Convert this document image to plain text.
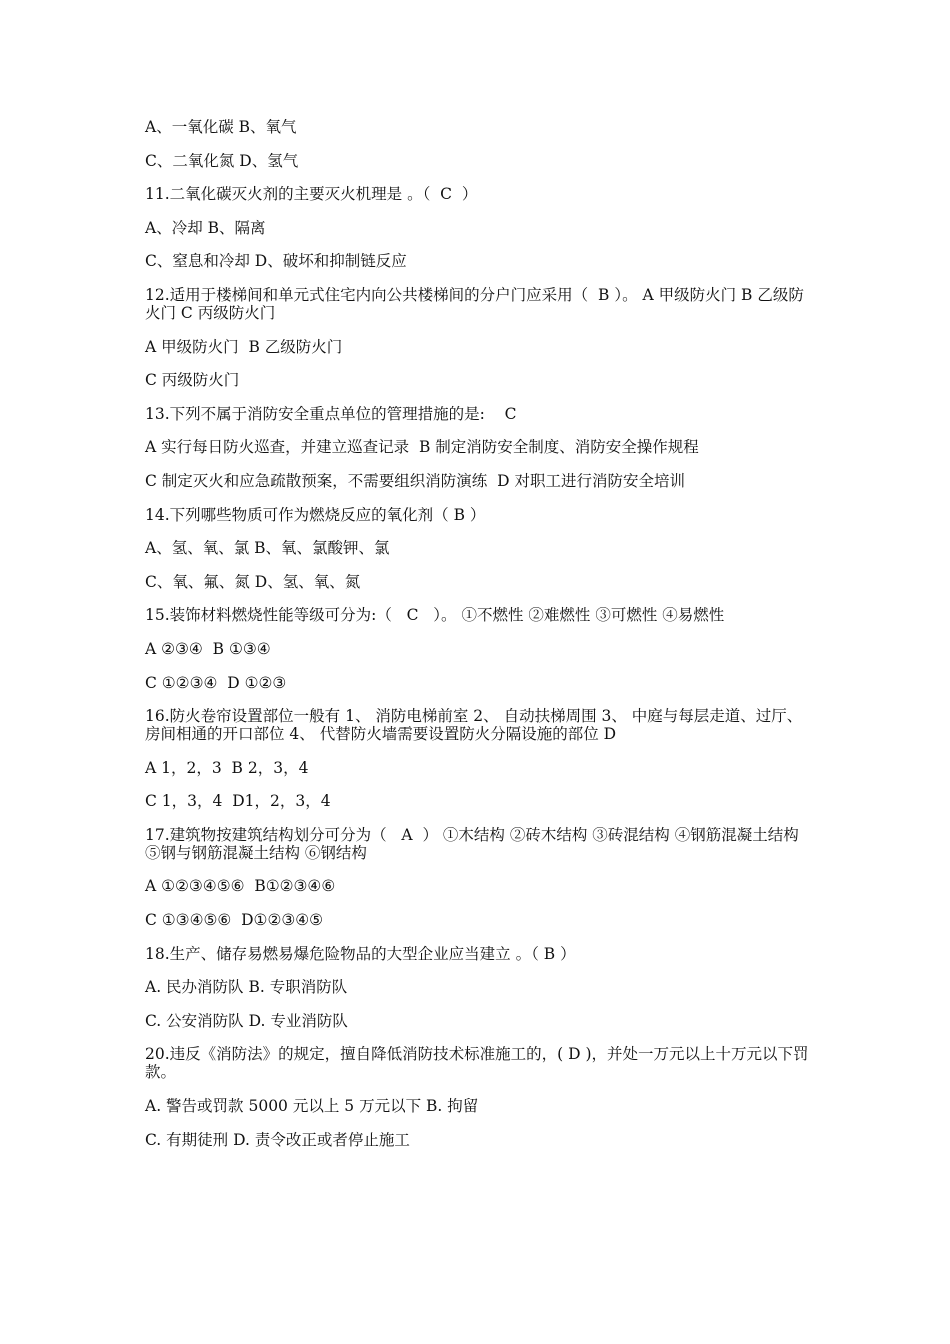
A、一氧化碳 B、氧气

C、二氧化氮 D、氢气

11.二氧化碳灭火剂的主要灭火机理是 。（  C  ）

A、冷却 B、隔离

C、窒息和冷却 D、破坏和抑制链反应

12.适用于楼梯间和单元式住宅内向公共楼梯间的分户门应采用（  B ）。 A 甲级防火门 B 乙级防火门 C 丙级防火门

A 甲级防火门  B 乙级防火门

C 丙级防火门

13.下列不属于消防安全重点单位的管理措施的是:    C

A 实行每日防火巡查，并建立巡查记录  B 制定消防安全制度、消防安全操作规程

C 制定灭火和应急疏散预案，不需要组织消防演练  D 对职工进行消防安全培训

14.下列哪些物质可作为燃烧反应的氧化剂（ B ）

A、氢、氧、氯 B、氧、氯酸钾、氯

C、氧、氟、氮 D、氢、氧、氮

15.装饰材料燃烧性能等级可分为:（   C   ）。 ①不燃性 ②难燃性 ③可燃性 ④易燃性

A ②③④  B ①③④

C ①②③④  D ①②③

16.防火卷帘设置部位一般有 1、 消防电梯前室 2、 自动扶梯周围 3、 中庭与每层走道、过厅、房间相通的开口部位 4、 代替防火墙需要设置防火分隔设施的部位 D

A 1，2，3  B 2，3，4

C 1，3，4  D1，2，3，4

17.建筑物按建筑结构划分可分为（   A  ） ①木结构 ②砖木结构 ③砖混结构 ④钢筋混凝土结构 ⑤钢与钢筋混凝土结构 ⑥钢结构

A ①②③④⑤⑥  B①②③④⑥

C ①③④⑤⑥  D①②③④⑤

18.生产、储存易燃易爆危险物品的大型企业应当建立 。（ B ）

A. 民办消防队 B. 专职消防队

C. 公安消防队 D. 专业消防队

20.违反《消防法》的规定，擅自降低消防技术标准施工的，( D )，并处一万元以上十万元以下罚款。

A. 警告或罚款 5000 元以上 5 万元以下 B. 拘留

C. 有期徒刑 D. 责令改正或者停止施工
